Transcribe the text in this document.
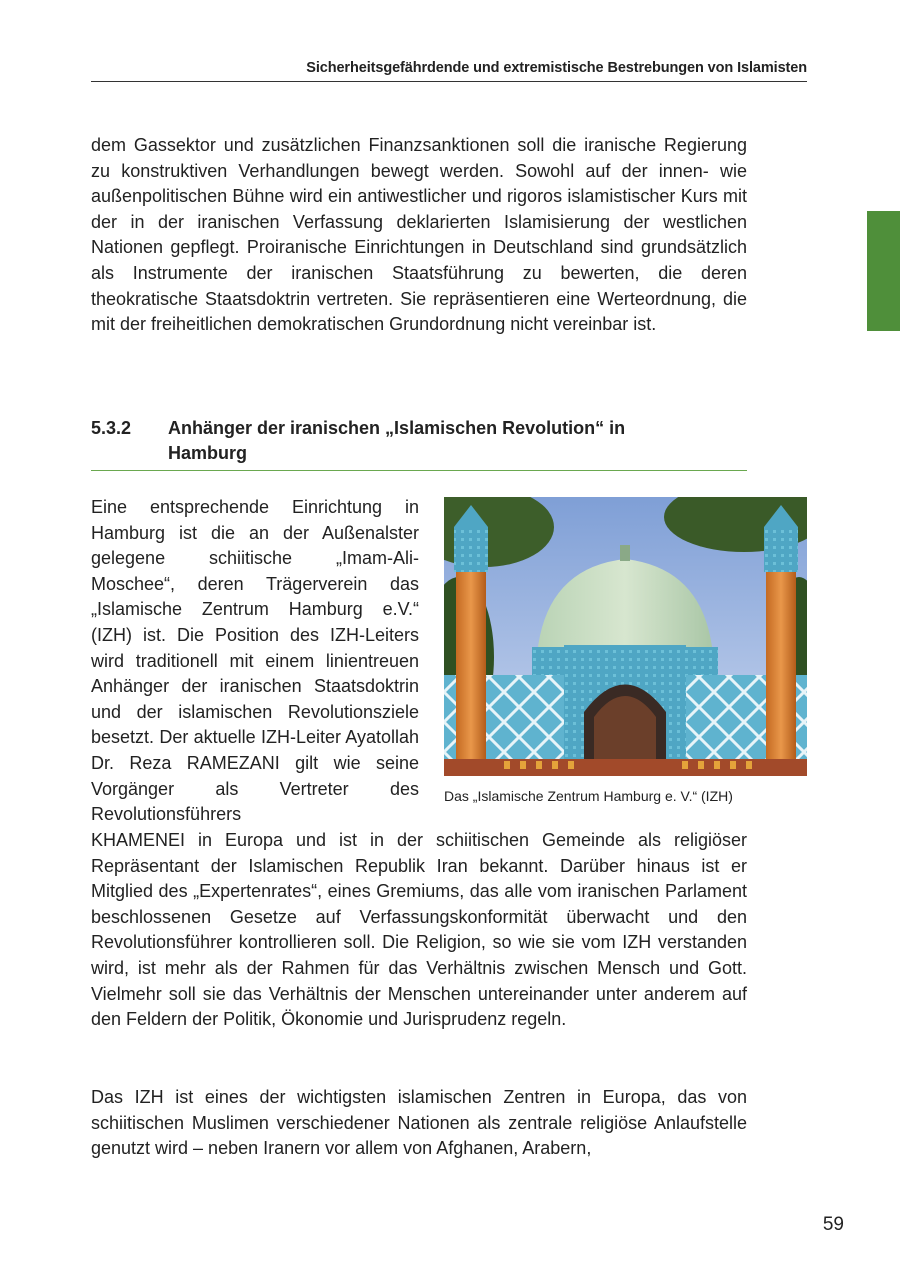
Sicherheitsgefährdende und extremistische Bestrebungen von Islamisten

dem Gassektor und zusätzlichen Finanzsanktionen soll die iranische Regierung zu konstruktiven Verhandlungen bewegt werden. Sowohl auf der innen- wie außenpolitischen Bühne wird ein antiwestlicher und rigoros islamistischer Kurs mit der in der iranischen Verfassung deklarierten Islamisierung der westlichen Nationen gepflegt. Proiranische Einrichtungen in Deutschland sind grundsätzlich als Instrumente der iranischen Staatsführung zu bewerten, die deren theokratische Staatsdoktrin vertreten. Sie repräsentieren eine Werteordnung, die mit der freiheitlichen demokratischen Grundordnung nicht vereinbar ist.

5.3.2	Anhänger der iranischen „Islamischen Revolution“ in Hamburg

Eine entsprechende Einrichtung in Hamburg ist die an der Außenalster gelegene schiitische „Imam-Ali-Moschee“, deren Trägerverein das „Islamische Zentrum Hamburg e.V.“ (IZH) ist. Die Position des IZH-Leiters wird traditionell mit einem linientreuen Anhänger der iranischen Staatsdoktrin und der islamischen Revolutionsziele besetzt. Der aktuelle IZH-Leiter Ayatollah Dr. Reza RAMEZANI gilt wie seine Vorgänger als Vertreter des Revolutionsführers

Das „Islamische Zentrum Hamburg e. V.“ (IZH)

KHAMENEI in Europa und ist in der schiitischen Gemeinde als religiöser Repräsentant der Islamischen Republik Iran bekannt. Darüber hinaus ist er Mitglied des „Expertenrates“, eines Gremiums, das alle vom iranischen Parlament beschlossenen Gesetze auf Verfassungskonformität überwacht und den Revolutionsführer kontrollieren soll. Die Religion, so wie sie vom IZH verstanden wird, ist mehr als der Rahmen für das Verhältnis zwischen Mensch und Gott. Vielmehr soll sie das Verhältnis der Menschen untereinander unter anderem auf den Feldern der Politik, Ökonomie und Jurisprudenz regeln.

Das IZH ist eines der wichtigsten islamischen Zentren in Europa, das von schiitischen Muslimen verschiedener Nationen als zentrale religiöse Anlaufstelle genutzt wird – neben Iranern vor allem von Afghanen, Arabern,

59
